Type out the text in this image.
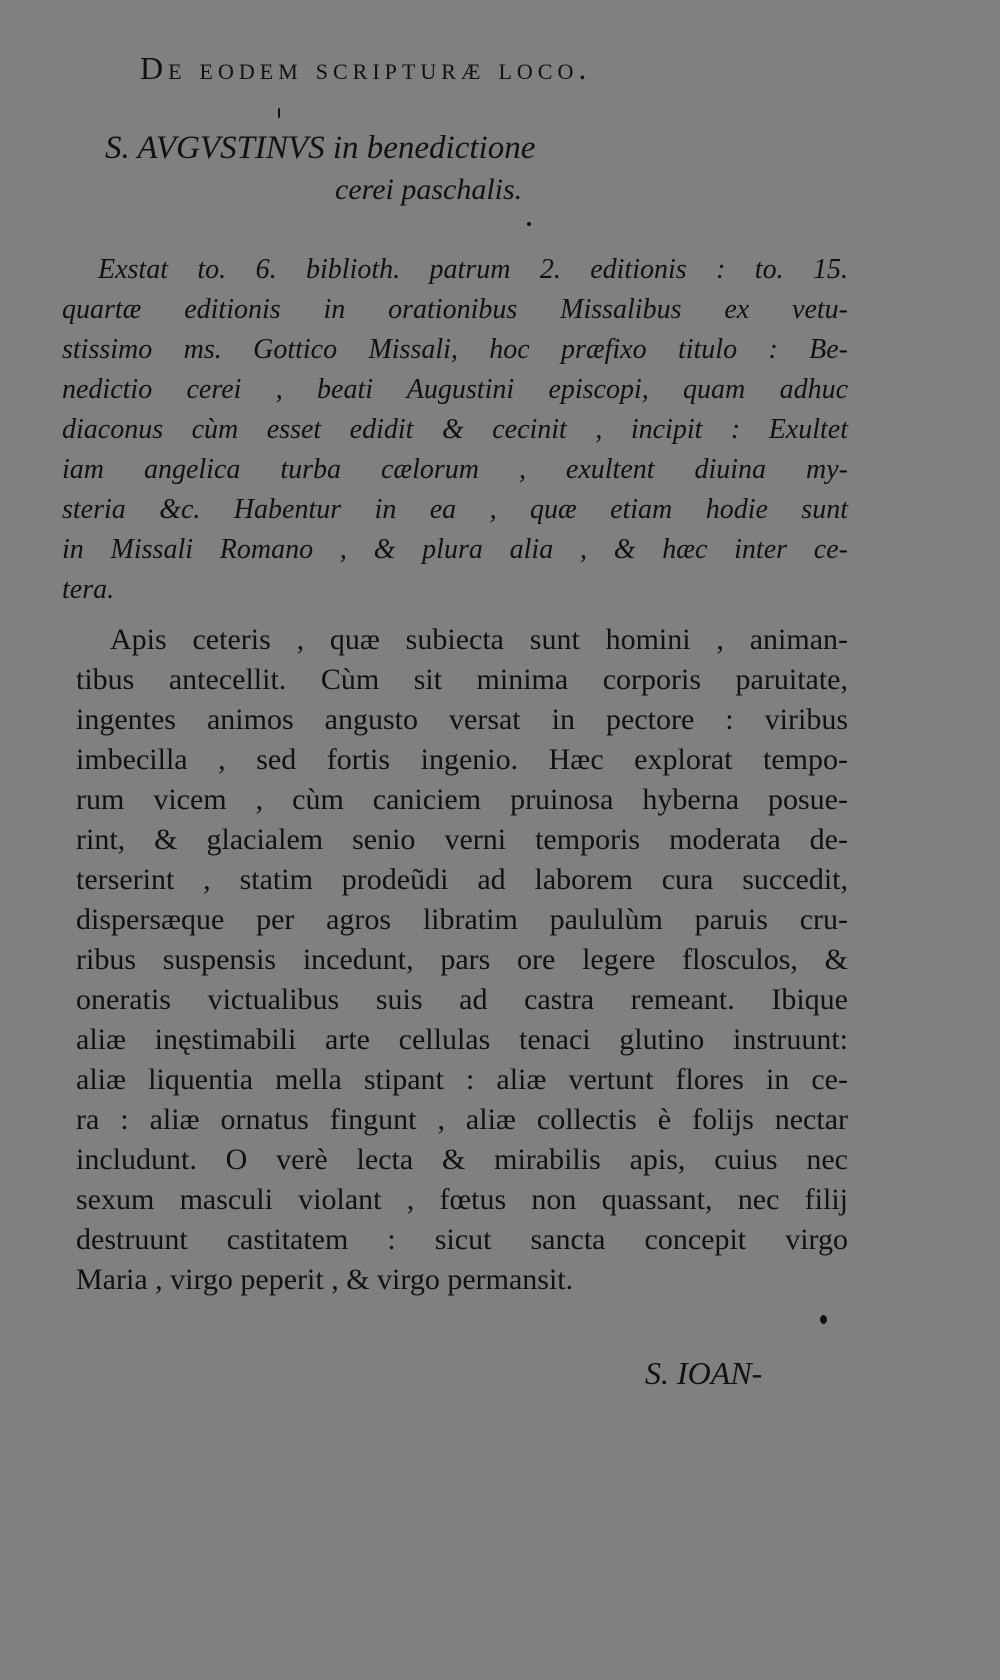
De eodem scripturæ loco.
S. AVGVSTINVS in benedictione
cerei paschalis.
Exstat to. 6. biblioth. patrum 2. editionis : to. 15.
quartæ editionis in orationibus Missalibus ex vetu-
stissimo ms. Gottico Missali, hoc præfixo titulo : Be-
nedictio cerei , beati Augustini episcopi, quam adhuc
diaconus cùm esset edidit & cecinit , incipit : Exultet
iam angelica turba cælorum , exultent diuina my-
steria &c. Habentur in ea , quæ etiam hodie sunt
in Missali Romano , & plura alia , & hæc inter ce-
tera.
Apis ceteris , quæ subiecta sunt homini , animan-
tibus antecellit. Cùm sit minima corporis paruitate,
ingentes animos angusto versat in pectore : viribus
imbecilla , sed fortis ingenio. Hæc explorat tempo-
rum vicem , cùm caniciem pruinosa hyberna posue-
rint, & glacialem senio verni temporis moderata de-
terserint , statim prodeũdi ad laborem cura succedit,
dispersæque per agros libratim paululùm paruis cru-
ribus suspensis incedunt, pars ore legere flosculos, &
oneratis victualibus suis ad castra remeant. Ibique
aliæ inęstimabili arte cellulas tenaci glutino instruunt:
aliæ liquentia mella stipant : aliæ vertunt flores in ce-
ra : aliæ ornatus fingunt , aliæ collectis è folijs nectar
includunt. O verè lecta & mirabilis apis, cuius nec
sexum masculi violant , fœtus non quassant, nec filij
destruunt castitatem : sicut sancta concepit virgo
Maria , virgo peperit , & virgo permansit.
S. IOAN-
